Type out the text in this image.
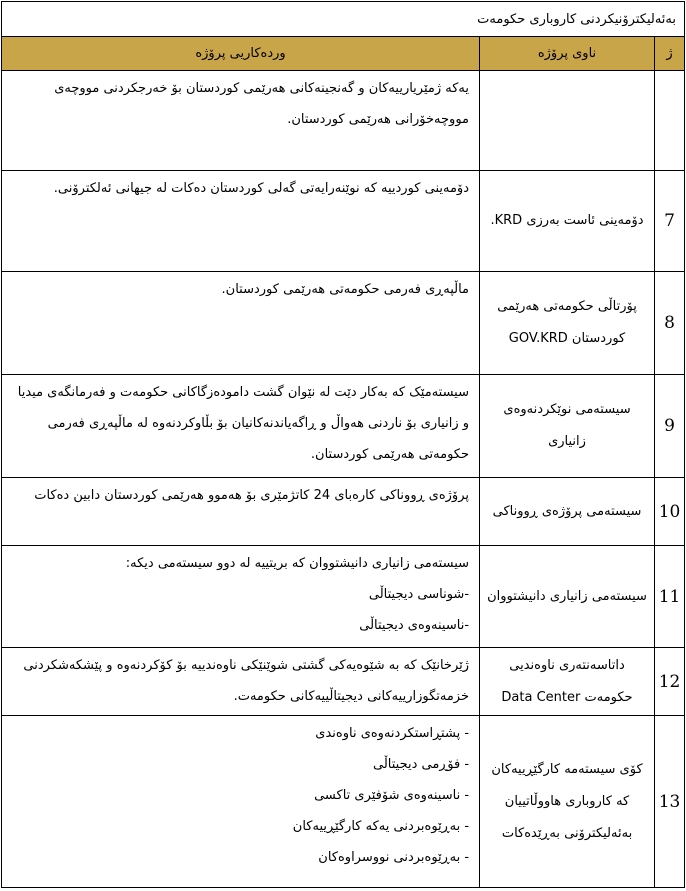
بەئەلیکترۆنیکردنی کاروباری حکومەت		
ژ	ناوی پرۆژە	وردەکاریی پرۆژە

		یەکە ژمێریارییەکان و گەنجینەکانی هەرێمی کوردستان بۆ خەرجکردنی مووچەی مووچەخۆرانی هەرێمی کوردستان.

7	دۆمەینی ئاست بەرزی KRD.	دۆمەینی کوردییە کە نوێنەرایەتی گەلی کوردستان دەکات لە جیهانی ئەلکترۆنی.

8	پۆرتاڵی حکومەتی هەرێمی کوردستان GOV.KRD	ماڵپەڕی فەرمی حکومەتی هەرێمی کوردستان.

9	سیستەمی نوێکردنەوەی زانیاری	سیستەمێک کە بەکار دێت لە نێوان گشت دامودەزگاکانی حکومەت و فەرمانگەی میدیا و زانیاری بۆ ناردنی هەواڵ و ڕاگەیاندنەکانیان بۆ بڵاوکردنەوە لە ماڵپەڕی فەرمی حکومەتی هەرێمی کوردستان.

10	سیستەمی پرۆژەی ڕووناکی	پرۆژەی ڕووناکی کارەبای 24 کاتژمێری بۆ هەموو هەرێمی کوردستان دابین دەکات

11	سیستەمی زانیاری دانیشتووان	سیستەمی زانیاری دانیشتووان کە بریتییە لە دوو سیستەمی دیکە:
-شوناسی دیجیتاڵی
-ناسینەوەی دیجیتاڵی

12	داتاسەنتەری ناوەندیی حکومەت Data Center	ژێرخانێک کە بە شێوەیەکی گشتی شوێنێکی ناوەندییە بۆ کۆکردنەوە و پێشکەشکردنی خزمەتگوزارییەکانی دیجیتاڵییەکانی حکومەت.

13	کۆی سیستەمە کارگێڕییەکان کە کاروباری هاووڵاتییان بەئەلیکترۆنی بەڕێدەکات	- پشتڕاستکردنەوەی ناوەندی
- فۆڕمی دیجیتاڵی
- ناسینەوەی شۆفێری تاکسی
- بەڕێوەبردنی یەکە کارگێڕییەکان
- بەڕێوەبردنی نووسراوەکان
